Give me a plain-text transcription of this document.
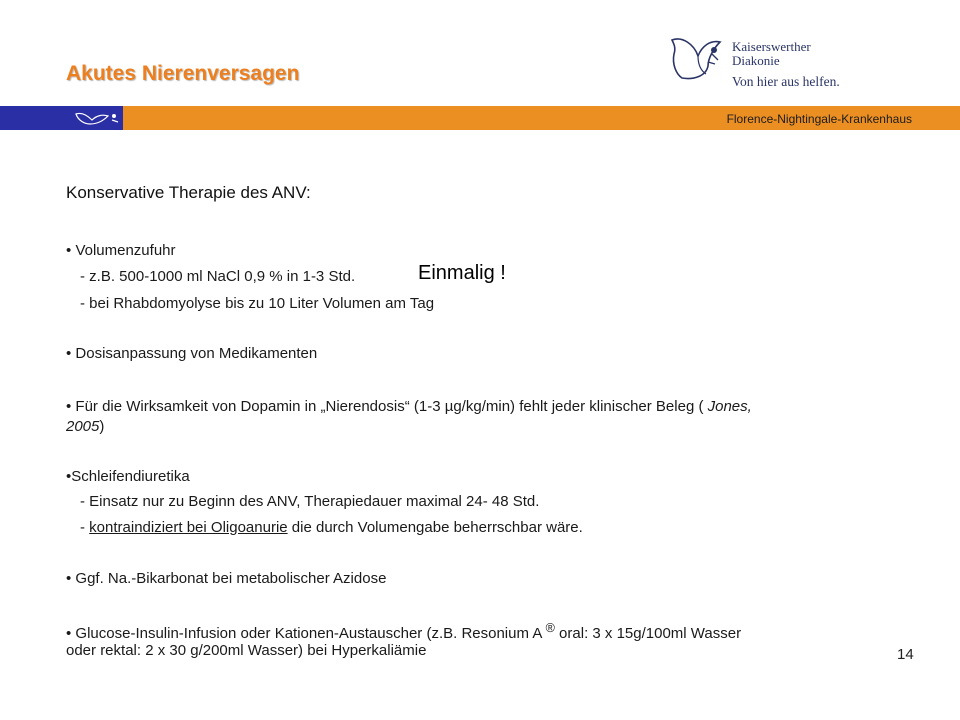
Akutes Nierenversagen
Kaiserswerther
Diakonie
Von hier aus helfen.
Florence-Nightingale-Krankenhaus
Konservative Therapie des ANV:
• Volumenzufuhr
- z.B. 500-1000 ml NaCl 0,9 % in 1-3 Std.	Einmalig !
- bei Rhabdomyolyse bis zu 10 Liter Volumen am Tag
• Dosisanpassung von Medikamenten
• Für die Wirksamkeit von Dopamin in „Nierendosis“ (1-3 µg/kg/min) fehlt jeder klinischer Beleg ( Jones,
2005)
•Schleifendiuretika
- Einsatz nur zu Beginn des ANV, Therapiedauer maximal 24- 48 Std.
- kontraindiziert bei Oligoanurie die durch Volumengabe beherrschbar wäre.
• Ggf. Na.-Bikarbonat bei metabolischer Azidose
• Glucose-Insulin-Infusion oder Kationen-Austauscher (z.B. Resonium A ® oral: 3 x 15g/100ml Wasser
oder rektal: 2 x 30 g/200ml Wasser) bei Hyperkaliämie	14
